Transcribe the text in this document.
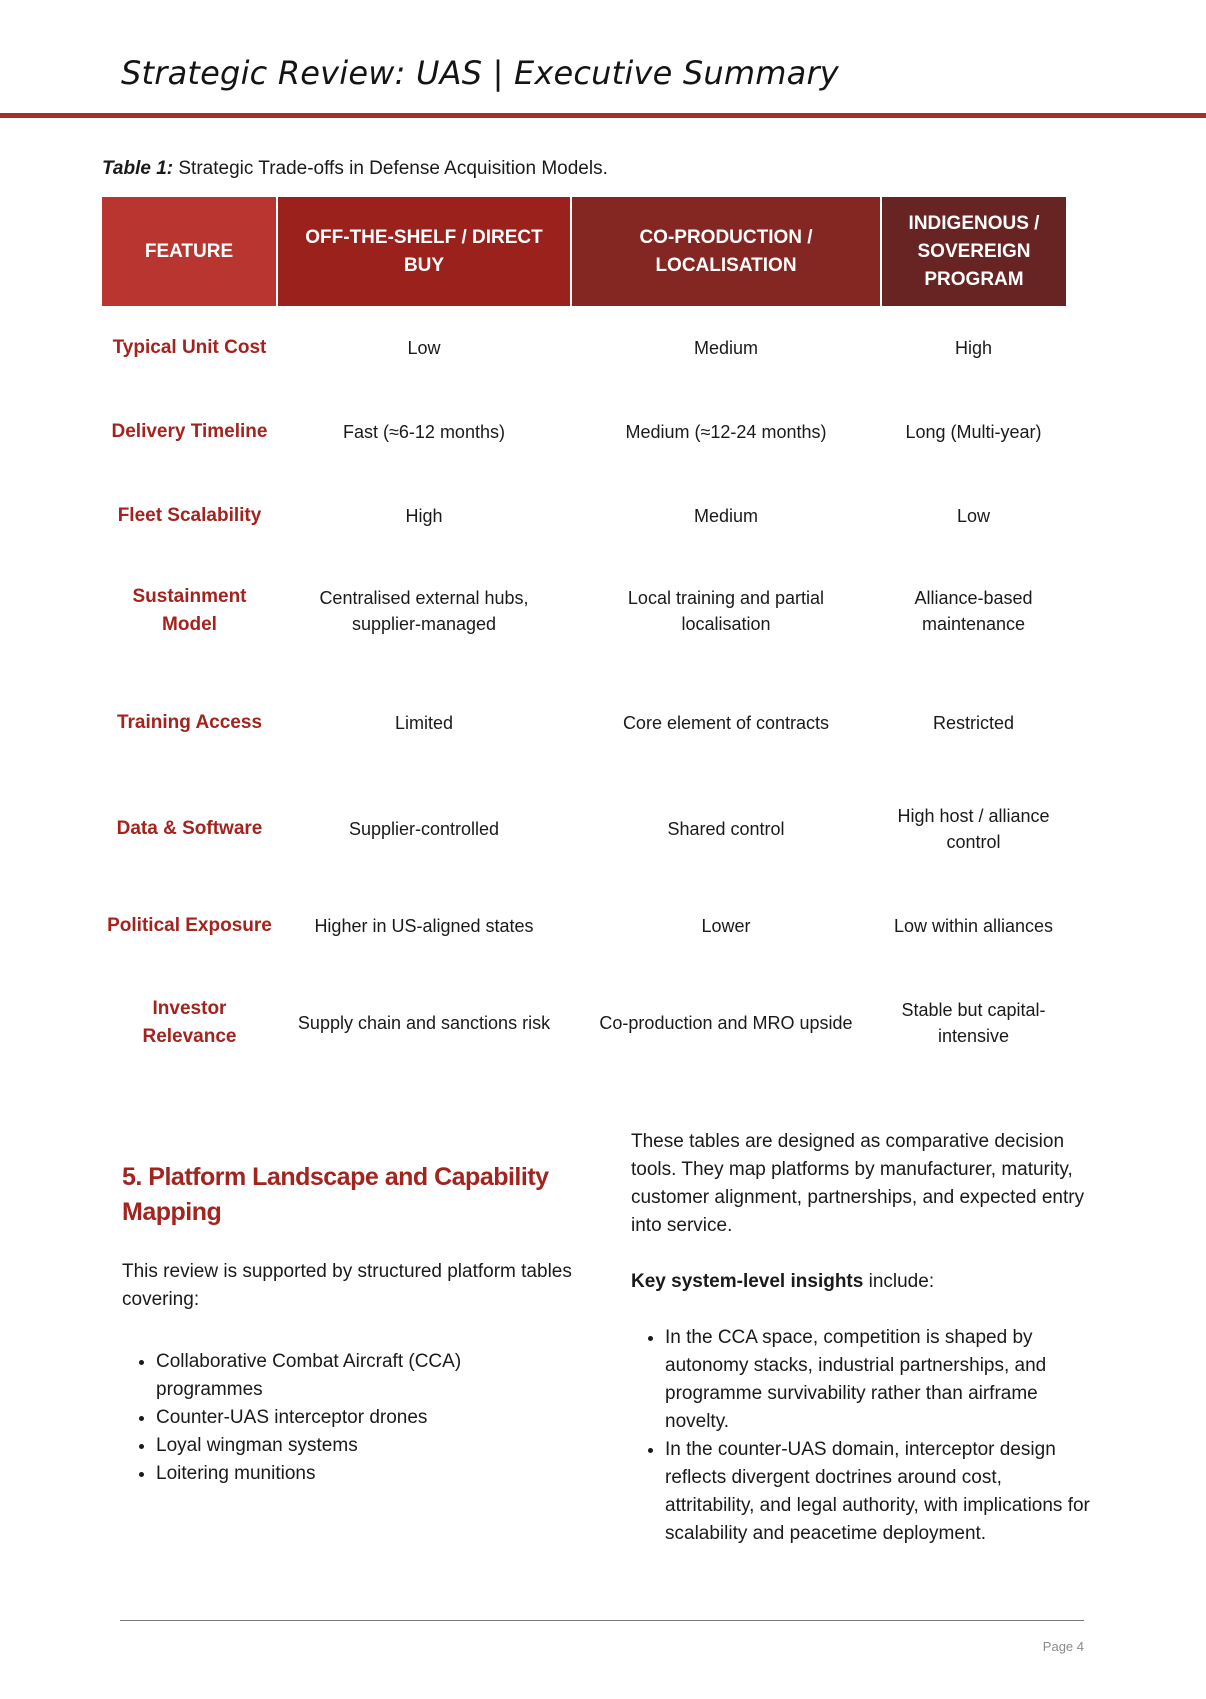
Strategic Review: UAS | Executive Summary
Table 1: Strategic Trade-offs in Defense Acquisition Models.
FEATURE	OFF-THE-SHELF / DIRECT BUY	CO-PRODUCTION / LOCALISATION	INDIGENOUS / SOVEREIGN PROGRAM
Typical Unit Cost	Low	Medium	High
Delivery Timeline	Fast (≈6-12 months)	Medium (≈12-24 months)	Long (Multi-year)
Fleet Scalability	High	Medium	Low
Sustainment Model	Centralised external hubs, supplier-managed	Local training and partial localisation	Alliance-based maintenance
Training Access	Limited	Core element of contracts	Restricted
Data & Software	Supplier-controlled	Shared control	High host / alliance control
Political Exposure	Higher in US-aligned states	Lower	Low within alliances
Investor Relevance	Supply chain and sanctions risk	Co-production and MRO upside	Stable but capital-intensive
5. Platform Landscape and Capability Mapping

This review is supported by structured platform tables covering:

• Collaborative Combat Aircraft (CCA) programmes
• Counter-UAS interceptor drones
• Loyal wingman systems
• Loitering munitions

These tables are designed as comparative decision tools. They map platforms by manufacturer, maturity, customer alignment, partnerships, and expected entry into service.

Key system-level insights include:

• In the CCA space, competition is shaped by autonomy stacks, industrial partnerships, and programme survivability rather than airframe novelty.
• In the counter-UAS domain, interceptor design reflects divergent doctrines around cost, attritability, and legal authority, with implications for scalability and peacetime deployment.
Page 4
